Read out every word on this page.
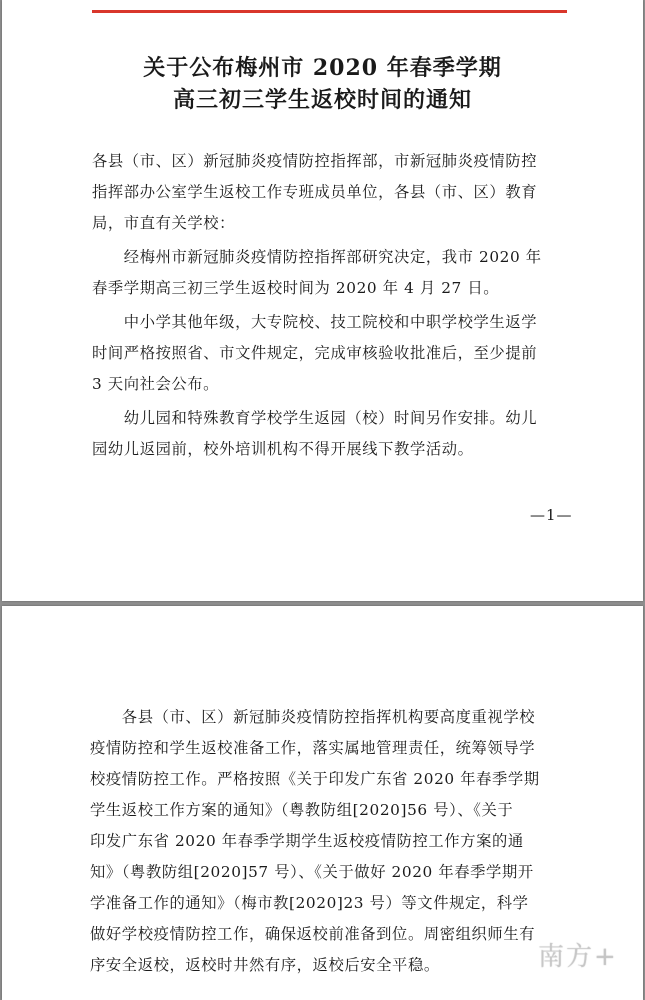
关于公布梅州市 2020 年春季学期
高三初三学生返校时间的通知
各县（市、区）新冠肺炎疫情防控指挥部，市新冠肺炎疫情防控
指挥部办公室学生返校工作专班成员单位，各县（市、区）教育
局，市直有关学校：
　　经梅州市新冠肺炎疫情防控指挥部研究决定，我市 2020 年
春季学期高三初三学生返校时间为 2020 年 4 月 27 日。
　　中小学其他年级，大专院校、技工院校和中职学校学生返学
时间严格按照省、市文件规定，完成审核验收批准后，至少提前
3 天向社会公布。
　　幼儿园和特殊教育学校学生返园（校）时间另作安排。幼儿
园幼儿返园前，校外培训机构不得开展线下教学活动。
—1—
　　各县（市、区）新冠肺炎疫情防控指挥机构要高度重视学校
疫情防控和学生返校准备工作，落实属地管理责任，统筹领导学
校疫情防控工作。严格按照《关于印发广东省 2020 年春季学期
学生返校工作方案的通知》（粤教防组[2020]56 号）、《关于
印发广东省 2020 年春季学期学生返校疫情防控工作方案的通
知》（粤教防组[2020]57 号）、《关于做好 2020 年春季学期开
学准备工作的通知》（梅市教[2020]23 号）等文件规定，科学
做好学校疫情防控工作，确保返校前准备到位。周密组织师生有
序安全返校，返校时井然有序，返校后安全平稳。	南方+
